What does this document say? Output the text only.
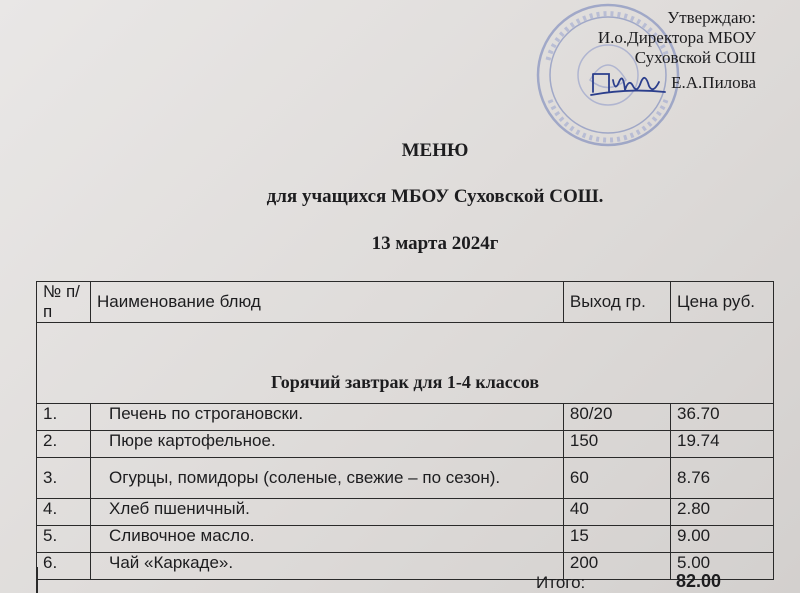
Утверждаю:
И.о.Директора МБОУ
Суховской СОШ
Е.А.Пилова
МЕНЮ
для учащихся МБОУ Суховской СОШ.
13 марта 2024г
№ п/п	Наименование блюд	Выход гр.	Цена руб.
Горячий завтрак для 1-4 классов			
1.	Печень по строгановски.	80/20	36.70
2.	Пюре картофельное.	150	19.74
3.	Огурцы, помидоры (соленые, свежие – по сезон).	60	8.76
4.	Хлеб пшеничный.	40	2.80
5.	Сливочное масло.	15	9.00
6.	Чай «Каркаде».	200	5.00
Итого:	82.00
